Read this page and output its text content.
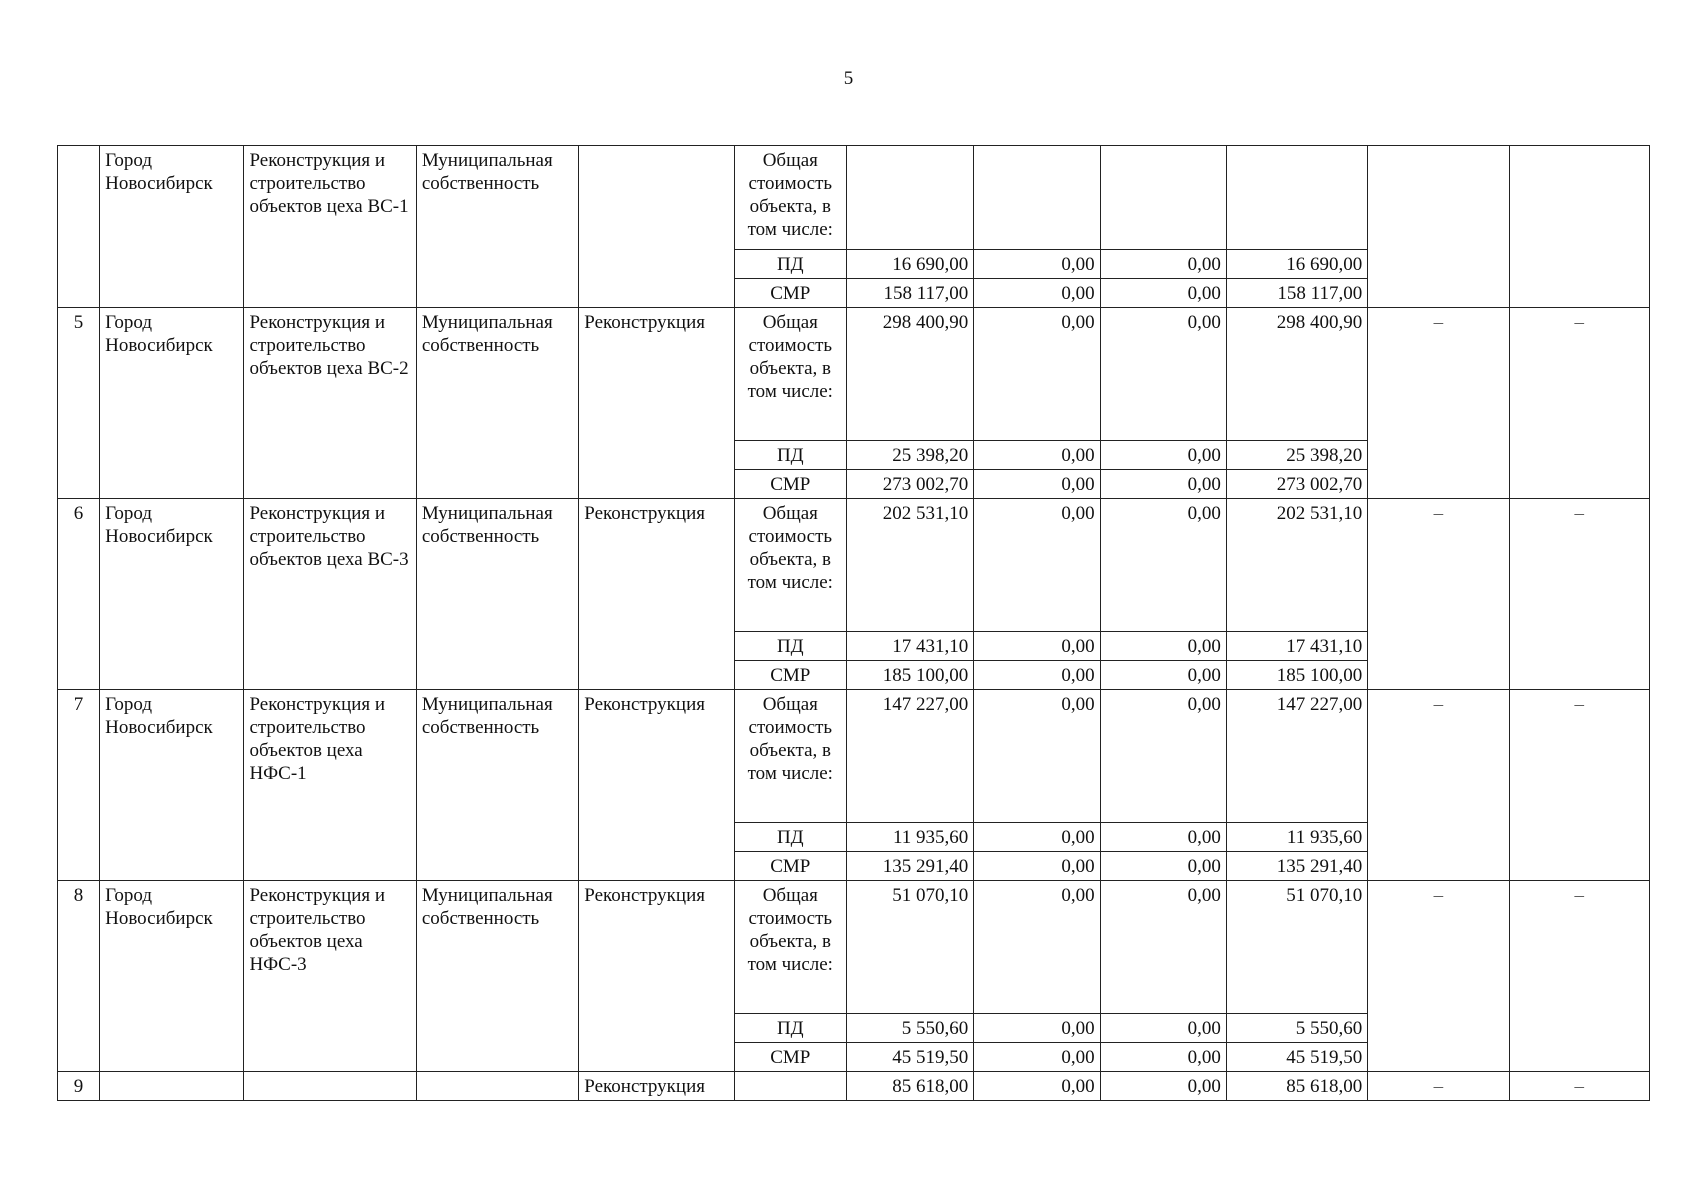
5
	Город Новосибирск	Реконструкция и строительство объектов цеха ВС-1	Муниципальная собственность		Общая стоимость объекта, в том числе:						
					ПД	16 690,00	0,00	0,00	16 690,00		
					СМР	158 117,00	0,00	0,00	158 117,00		
5	Город Новосибирск	Реконструкция и строительство объектов цеха ВС-2	Муниципальная собственность	Реконструкция	Общая стоимость объекта, в том числе:	298 400,90	0,00	0,00	298 400,90	–	–
					ПД	25 398,20	0,00	0,00	25 398,20		
					СМР	273 002,70	0,00	0,00	273 002,70		
6	Город Новосибирск	Реконструкция и строительство объектов цеха ВС-3	Муниципальная собственность	Реконструкция	Общая стоимость объекта, в том числе:	202 531,10	0,00	0,00	202 531,10	–	–
					ПД	17 431,10	0,00	0,00	17 431,10		
					СМР	185 100,00	0,00	0,00	185 100,00		
7	Город Новосибирск	Реконструкция и строительство объектов цеха НФС-1	Муниципальная собственность	Реконструкция	Общая стоимость объекта, в том числе:	147 227,00	0,00	0,00	147 227,00	–	–
					ПД	11 935,60	0,00	0,00	11 935,60		
					СМР	135 291,40	0,00	0,00	135 291,40		
8	Город Новосибирск	Реконструкция и строительство объектов цеха НФС-3	Муниципальная собственность	Реконструкция	Общая стоимость объекта, в том числе:	51 070,10	0,00	0,00	51 070,10	–	–
					ПД	5 550,60	0,00	0,00	5 550,60		
					СМР	45 519,50	0,00	0,00	45 519,50		
9				Реконструкция		85 618,00	0,00	0,00	85 618,00	–	–
